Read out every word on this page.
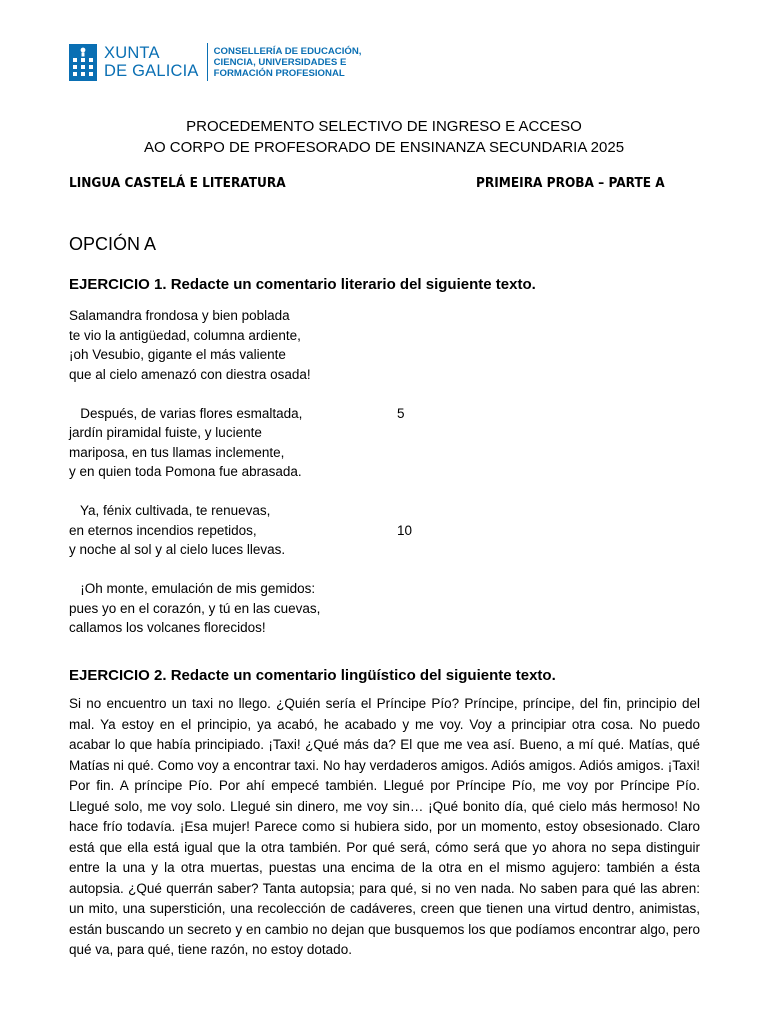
XUNTA
DE GALICIA
CONSELLERÍA DE EDUCACIÓN,
CIENCIA, UNIVERSIDADES E
FORMACIÓN PROFESIONAL
PROCEDEMENTO SELECTIVO DE INGRESO E ACCESO
AO CORPO DE PROFESORADO DE ENSINANZA SECUNDARIA 2025
LINGUA CASTELÁ E LITERATURA	PRIMEIRA PROBA – PARTE A
OPCIÓN A
EJERCICIO 1. Redacte un comentario literario del siguiente texto.
Salamandra frondosa y bien poblada
te vio la antigüedad, columna ardiente,
¡oh Vesubio, gigante el más valiente
que al cielo amenazó con diestra osada!
Después, de varias flores esmaltada,	5
jardín piramidal fuiste, y luciente
mariposa, en tus llamas inclemente,
y en quien toda Pomona fue abrasada.
Ya, fénix cultivada, te renuevas,
en eternos incendios repetidos,	10
y noche al sol y al cielo luces llevas.
¡Oh monte, emulación de mis gemidos:
pues yo en el corazón, y tú en las cuevas,
callamos los volcanes florecidos!
EJERCICIO 2. Redacte un comentario lingüístico del siguiente texto.
Si no encuentro un taxi no llego. ¿Quién sería el Príncipe Pío? Príncipe, príncipe, del fin, principio del mal. Ya estoy en el principio, ya acabó, he acabado y me voy. Voy a principiar otra cosa. No puedo acabar lo que había principiado. ¡Taxi! ¿Qué más da? El que me vea así. Bueno, a mí qué. Matías, qué Matías ni qué. Como voy a encontrar taxi. No hay verdaderos amigos. Adiós amigos. Adiós amigos. ¡Taxi! Por fin. A príncipe Pío. Por ahí empecé también. Llegué por Príncipe Pío, me voy por Príncipe Pío. Llegué solo, me voy solo. Llegué sin dinero, me voy sin… ¡Qué bonito día, qué cielo más hermoso! No hace frío todavía. ¡Esa mujer! Parece como si hubiera sido, por un momento, estoy obsesionado. Claro está que ella está igual que la otra también. Por qué será, cómo será que yo ahora no sepa distinguir entre la una y la otra muertas, puestas una encima de la otra en el mismo agujero: también a ésta autopsia. ¿Qué querrán saber? Tanta autopsia; para qué, si no ven nada. No saben para qué las abren: un mito, una superstición, una recolección de cadáveres, creen que tienen una virtud dentro, animistas, están buscando un secreto y en cambio no dejan que busquemos los que podíamos encontrar algo, pero qué va, para qué, tiene razón, no estoy dotado.
